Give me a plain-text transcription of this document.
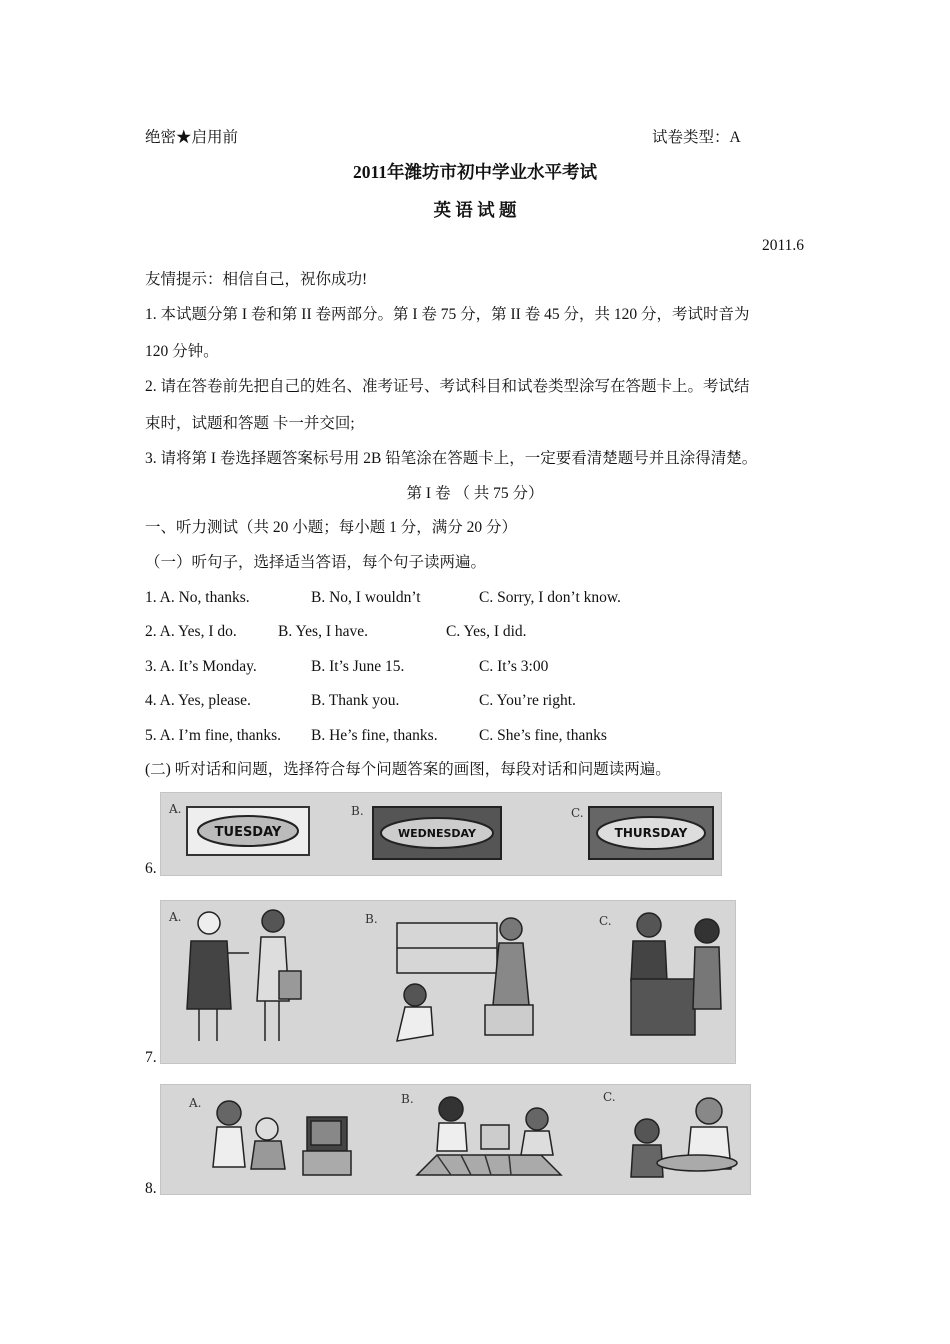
绝密★启用前	试卷类型：A
2011年潍坊市初中学业水平考试
英 语 试 题
2011.6
友情提示：相信自己，祝你成功!
1. 本试题分第 I 卷和第 II 卷两部分。第 I 卷 75 分，第 II 卷 45 分，共 120 分，考试时音为
120 分钟。
2. 请在答卷前先把自己的姓名、准考证号、考试科目和试卷类型涂写在答题卡上。考试结
束时，试题和答题 卡一并交回;
3. 请将第 I 卷选择题答案标号用 2B 铅笔涂在答题卡上，一定要看清楚题号并且涂得清楚。
第 I 卷 （ 共 75 分）
一、听力测试（共 20 小题；每小题 1 分，满分 20 分）
（一）听句子，选择适当答语，每个句子读两遍。
1. A. No, thanks.	B. No, I wouldn’t	C. Sorry, I don’t know.
2. A. Yes, I do.	B. Yes, I have.	C. Yes, I did.
3. A. It’s Monday.	B. It’s June 15.	C. It’s 3:00
4. A. Yes, please.	B. Thank you.	C. You’re right.
5. A. I’m fine, thanks. B. He’s fine, thanks.	C. She’s fine, thanks
(二) 听对话和问题，选择符合每个问题答案的画图，每段对话和问题读两遍。
6.
A.	B.	C.
TUESDAY	WEDNESDAY	THURSDAY
7.
A.	B.	C.
8.
A.	B.	C.
